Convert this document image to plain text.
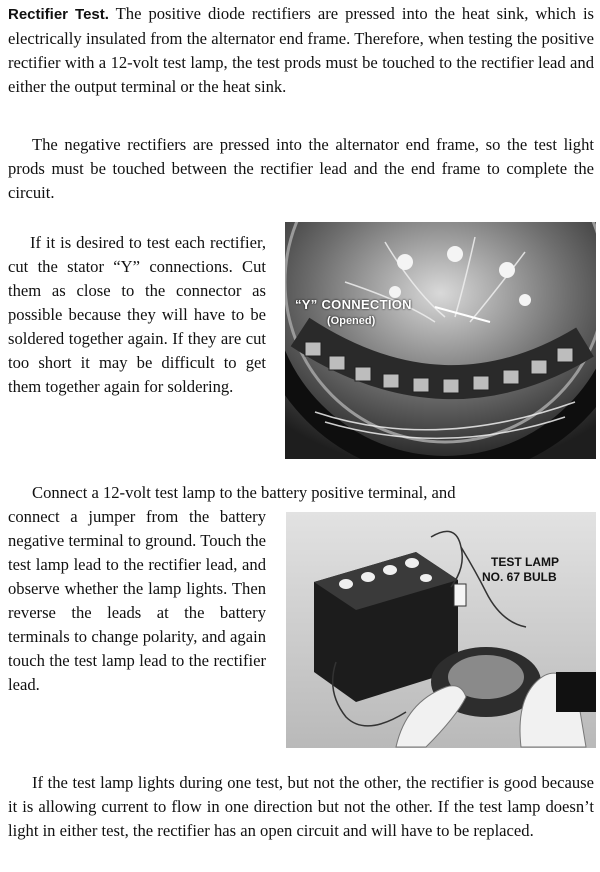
Rectifier Test. The positive diode rectifiers are pressed into the heat sink, which is electrically insulated from the alternator end frame. Therefore, when testing the positive rectifier with a 12-volt test lamp, the test prods must be touched to the rectifier lead and either the output terminal or the heat sink.
The negative rectifiers are pressed into the alternator end frame, so the test light prods must be touched between the rectifier lead and the end frame to complete the circuit.
If it is desired to test each rectifier, cut the stator “Y” connections. Cut them as close to the connector as possible because they will have to be soldered together again. If they are cut too short it may be difficult to get them together again for soldering.
“Y” CONNECTION
(Opened)
Connect a 12-volt test lamp to the battery positive terminal, and
connect a jumper from the battery negative terminal to ground. Touch the test lamp lead to the rectifier lead, and observe whether the lamp lights. Then reverse the leads at the battery terminals to change polarity, and again touch the test lamp lead to the rectifier lead.
TEST LAMP
NO. 67 BULB
If the test lamp lights during one test, but not the other, the rectifier is good because it is allowing current to flow in one direction but not the other. If the test lamp doesn’t light in either test, the rectifier has an open circuit and will have to be replaced.
